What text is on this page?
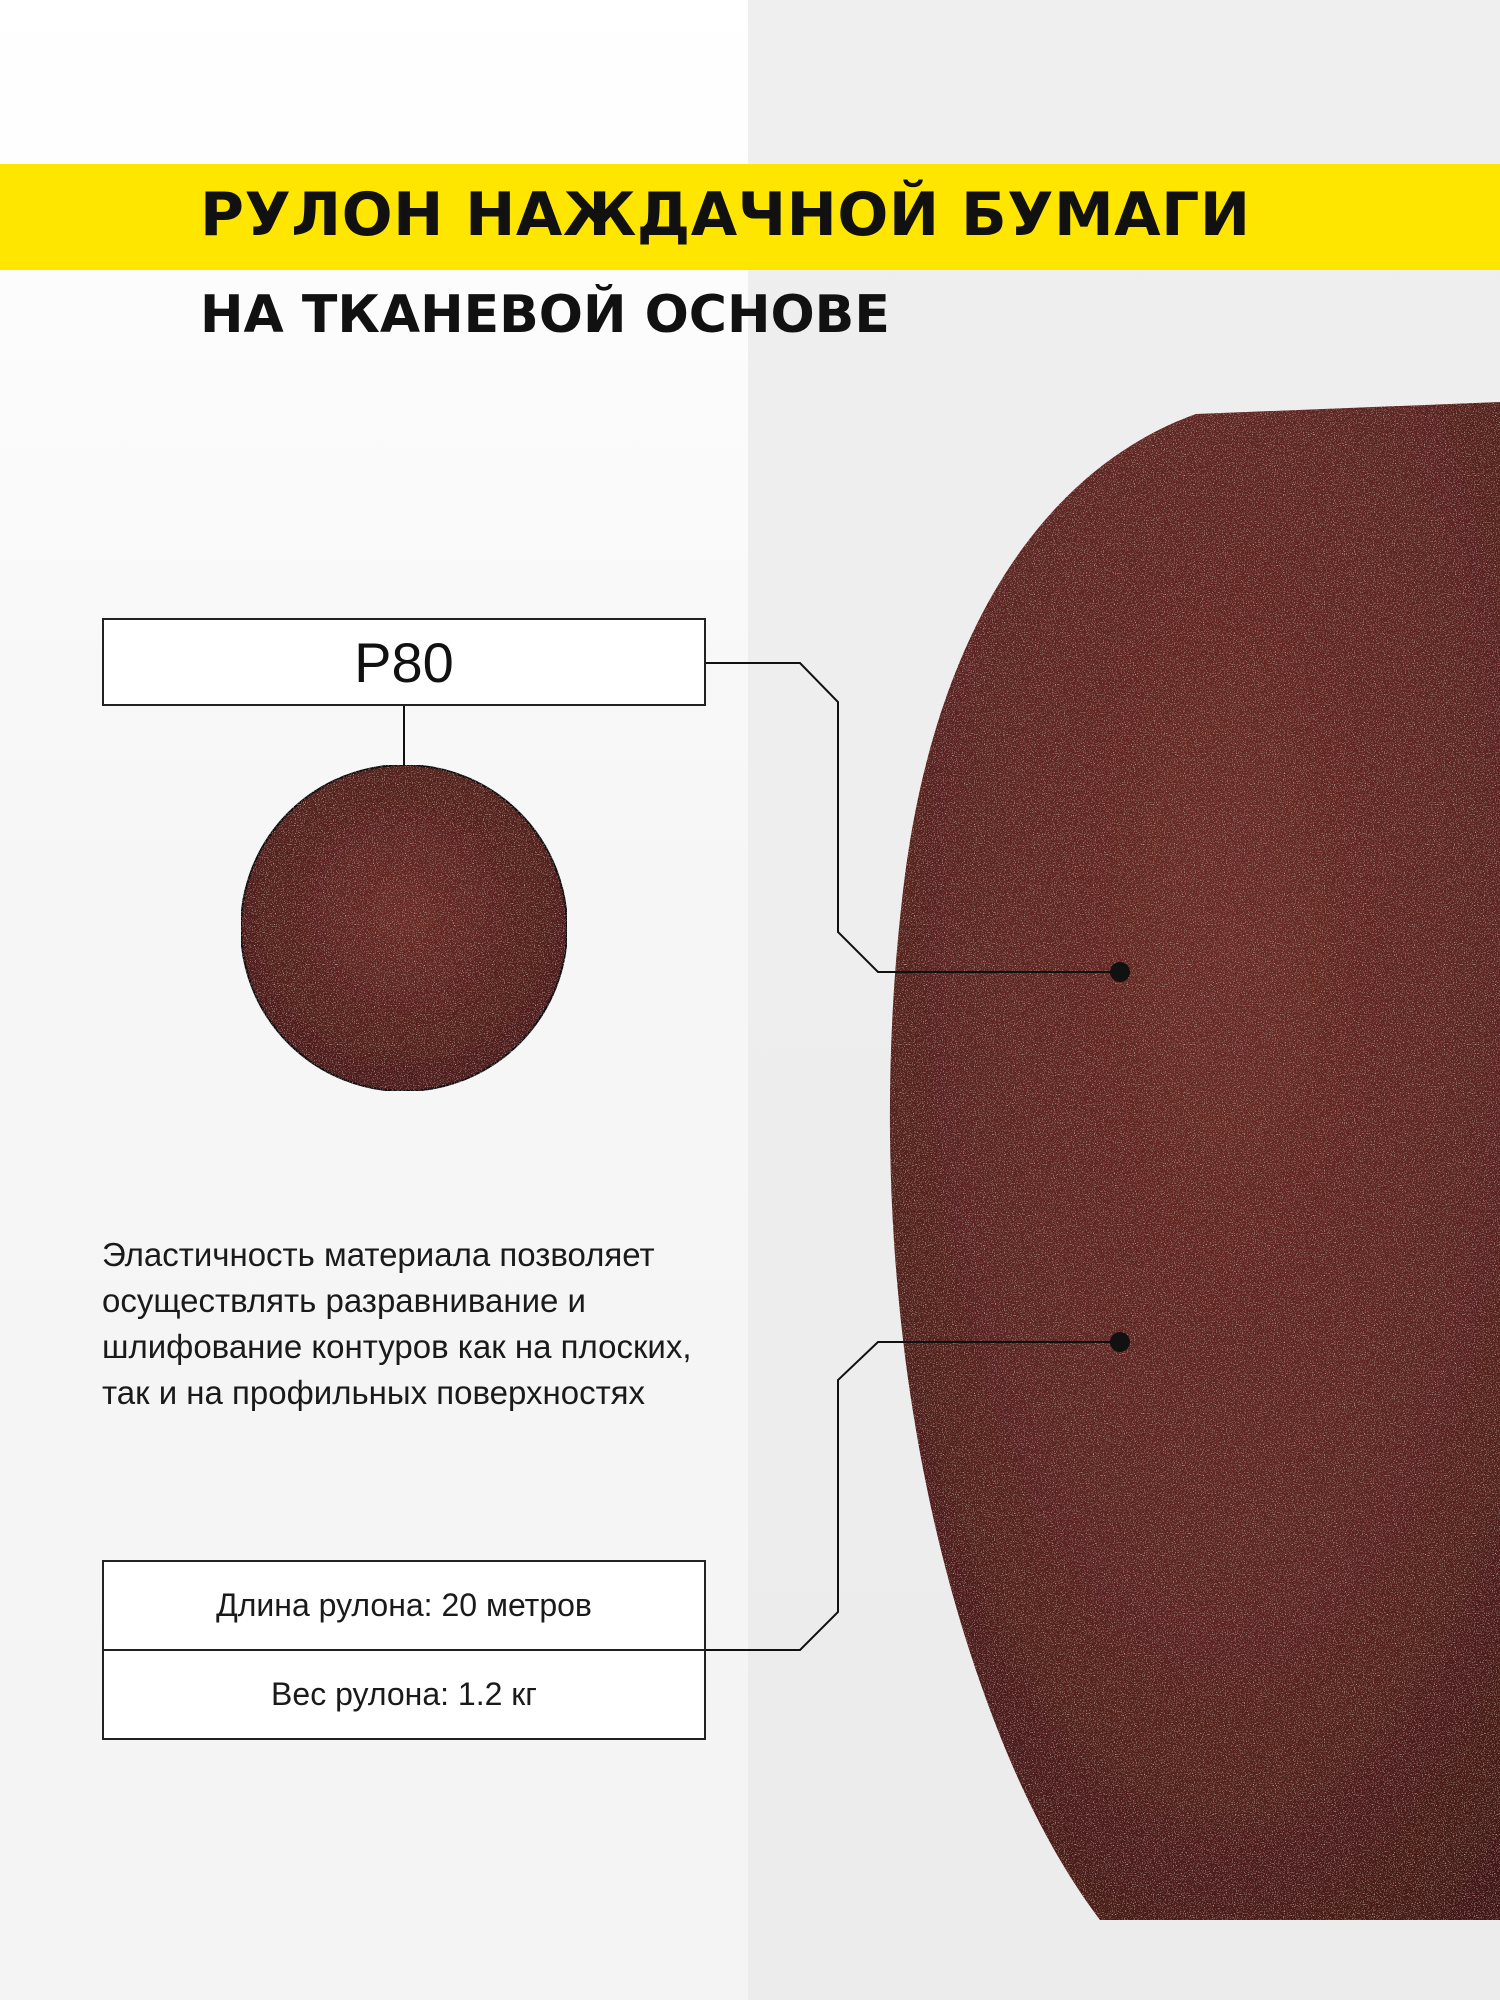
РУЛОН НАЖДАЧНОЙ БУМАГИ
НА ТКАНЕВОЙ ОСНОВЕ
P80

Эластичность материала позволяет осуществлять разравнивание и шлифование контуров как на плоских, так и на профильных поверхностях

Длина рулона: 20 метров
Вес рулона: 1.2 кг
